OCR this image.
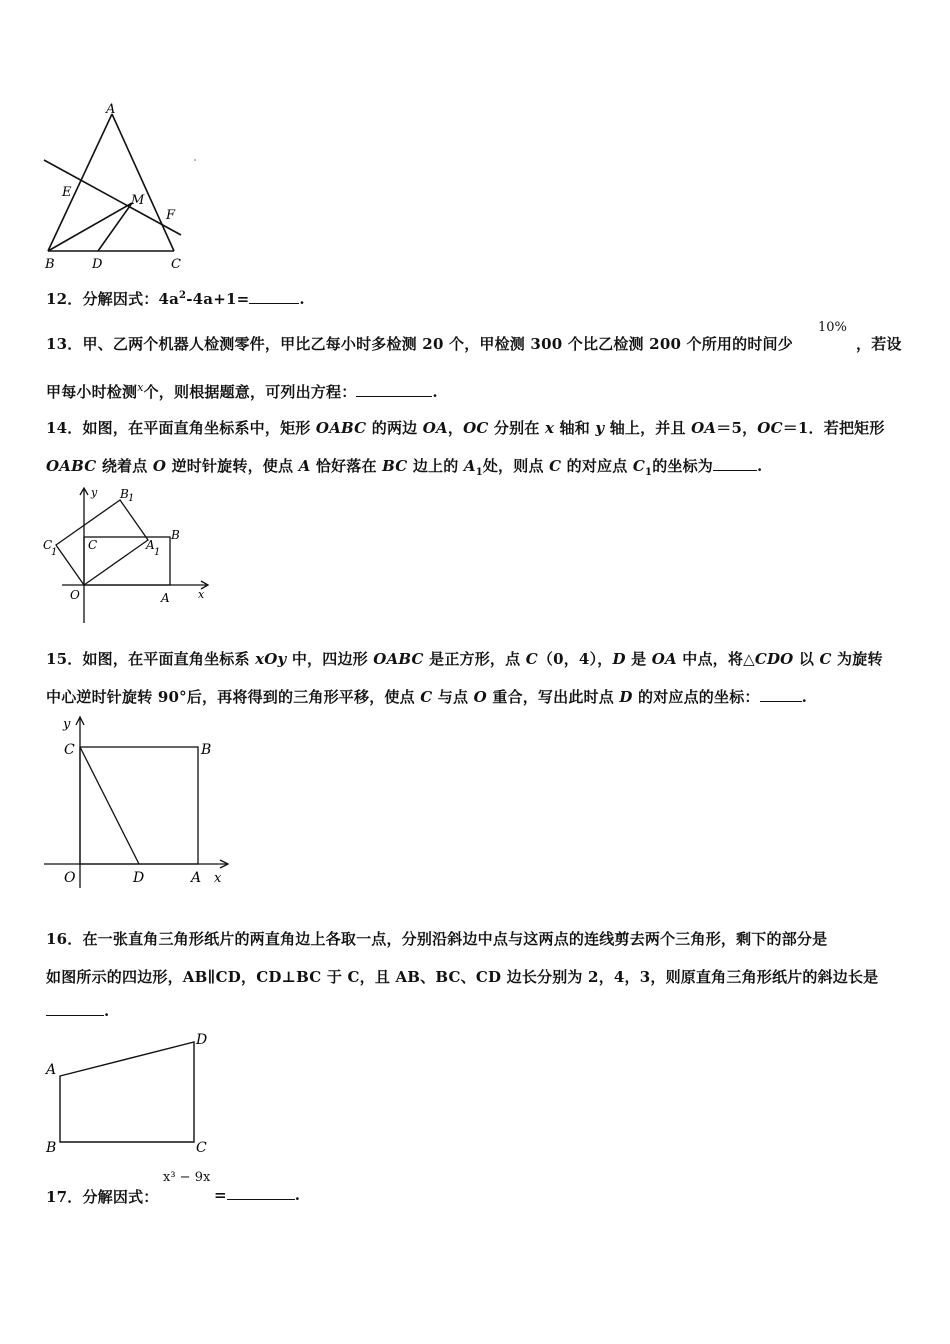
A
E
M
F
B	D	C
12．分解因式：$4a^2-4a+1=$	.
13．甲、乙两个机器人检测零件，甲比乙每小时多检测 20 个，甲检测 300 个比乙检测 200 个所用的时间少
10%
，若设
甲每小时检测$^x$个，则根据题意，可列出方程：	.
14．如图，在平面直角坐标系中，矩形 OABC 的两边 OA，OC 分别在 x 轴和 y 轴上，并且 OA＝5，OC＝1．若把矩形
OABC 绕着点 O 逆时针旋转，使点 A 恰好落在 BC 边上的 $A_1$处，则点 C 的对应点 $C_1$的坐标为	.
y B 1
C
1
C	A
1
B
O	A	x
15．如图，在平面直角坐标系 xOy 中，四边形 OABC 是正方形，点 C（0，4），D 是 OA 中点，将△CDO 以 C 为旋转
中心逆时针旋转 90°后，再将得到的三角形平移，使点 C 与点 O 重合，写出此时点 D 的对应点的坐标：	.
y
C	B
O	D	A x
16．在一张直角三角形纸片的两直角边上各取一点，分别沿斜边中点与这两点的连线剪去两个三角形，剩下的部分是
如图所示的四边形，AB∥CD，CD⊥BC 于 C，且 AB、BC、CD 边长分别为 2，4，3，则原直角三角形纸片的斜边长是
.
A
D
B	C
17．分解因式：
x³ − 9x
=	.
